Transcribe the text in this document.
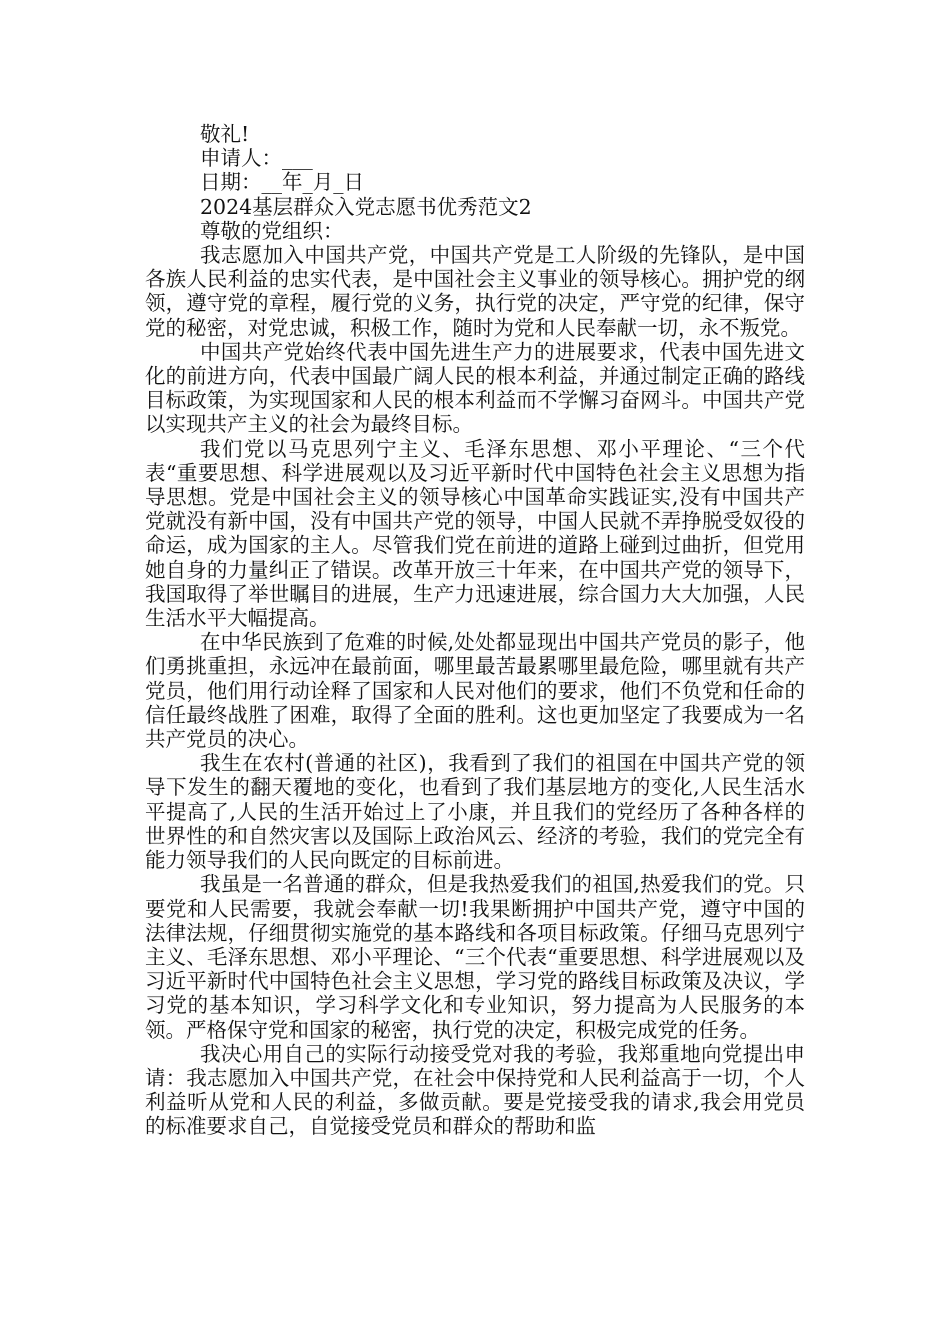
敬礼!

申请人：___

日期：__年_月_日

2024基层群众入党志愿书优秀范文2

尊敬的党组织：

我志愿加入中国共产党，中国共产党是工人阶级的先锋队，是中国各族人民利益的忠实代表，是中国社会主义事业的领导核心。拥护党的纲领，遵守党的章程，履行党的义务，执行党的决定，严守党的纪律，保守党的秘密，对党忠诚，积极工作，随时为党和人民奉献一切，永不叛党。

中国共产党始终代表中国先进生产力的进展要求，代表中国先进文化的前进方向，代表中国最广阔人民的根本利益，并通过制定正确的路线目标政策，为实现国家和人民的根本利益而不学懈习奋网斗。中国共产党以实现共产主义的社会为最终目标。

我们党以马克思列宁主义、毛泽东思想、邓小平理论、“三个代表“重要思想、科学进展观以及习近平新时代中国特色社会主义思想为指导思想。党是中国社会主义的领导核心中国革命实践证实,没有中国共产党就没有新中国，没有中国共产党的领导，中国人民就不弄挣脱受奴役的命运，成为国家的主人。尽管我们党在前进的道路上碰到过曲折，但党用她自身的力量纠正了错误。改革开放三十年来，在中国共产党的领导下，我国取得了举世瞩目的进展，生产力迅速进展，综合国力大大加强，人民生活水平大幅提高。

在中华民族到了危难的时候,处处都显现出中国共产党员的影子，他们勇挑重担，永远冲在最前面，哪里最苦最累哪里最危险，哪里就有共产党员，他们用行动诠释了国家和人民对他们的要求，他们不负党和任命的信任最终战胜了困难，取得了全面的胜利。这也更加坚定了我要成为一名共产党员的决心。

我生在农村(普通的社区)，我看到了我们的祖国在中国共产党的领导下发生的翻天覆地的变化，也看到了我们基层地方的变化,人民生活水平提高了,人民的生活开始过上了小康，并且我们的党经历了各种各样的世界性的和自然灾害以及国际上政治风云、经济的考验，我们的党完全有能力领导我们的人民向既定的目标前进。

我虽是一名普通的群众，但是我热爱我们的祖国,热爱我们的党。只要党和人民需要，我就会奉献一切!我果断拥护中国共产党，遵守中国的法律法规，仔细贯彻实施党的基本路线和各项目标政策。仔细马克思列宁主义、毛泽东思想、邓小平理论、“三个代表“重要思想、科学进展观以及习近平新时代中国特色社会主义思想，学习党的路线目标政策及决议，学习党的基本知识，学习科学文化和专业知识，努力提高为人民服务的本领。严格保守党和国家的秘密，执行党的决定，积极完成党的任务。

我决心用自己的实际行动接受党对我的考验，我郑重地向党提出申请：我志愿加入中国共产党，在社会中保持党和人民利益高于一切，个人利益听从党和人民的利益，多做贡献。要是党接受我的请求,我会用党员的标准要求自己，自觉接受党员和群众的帮助和监
